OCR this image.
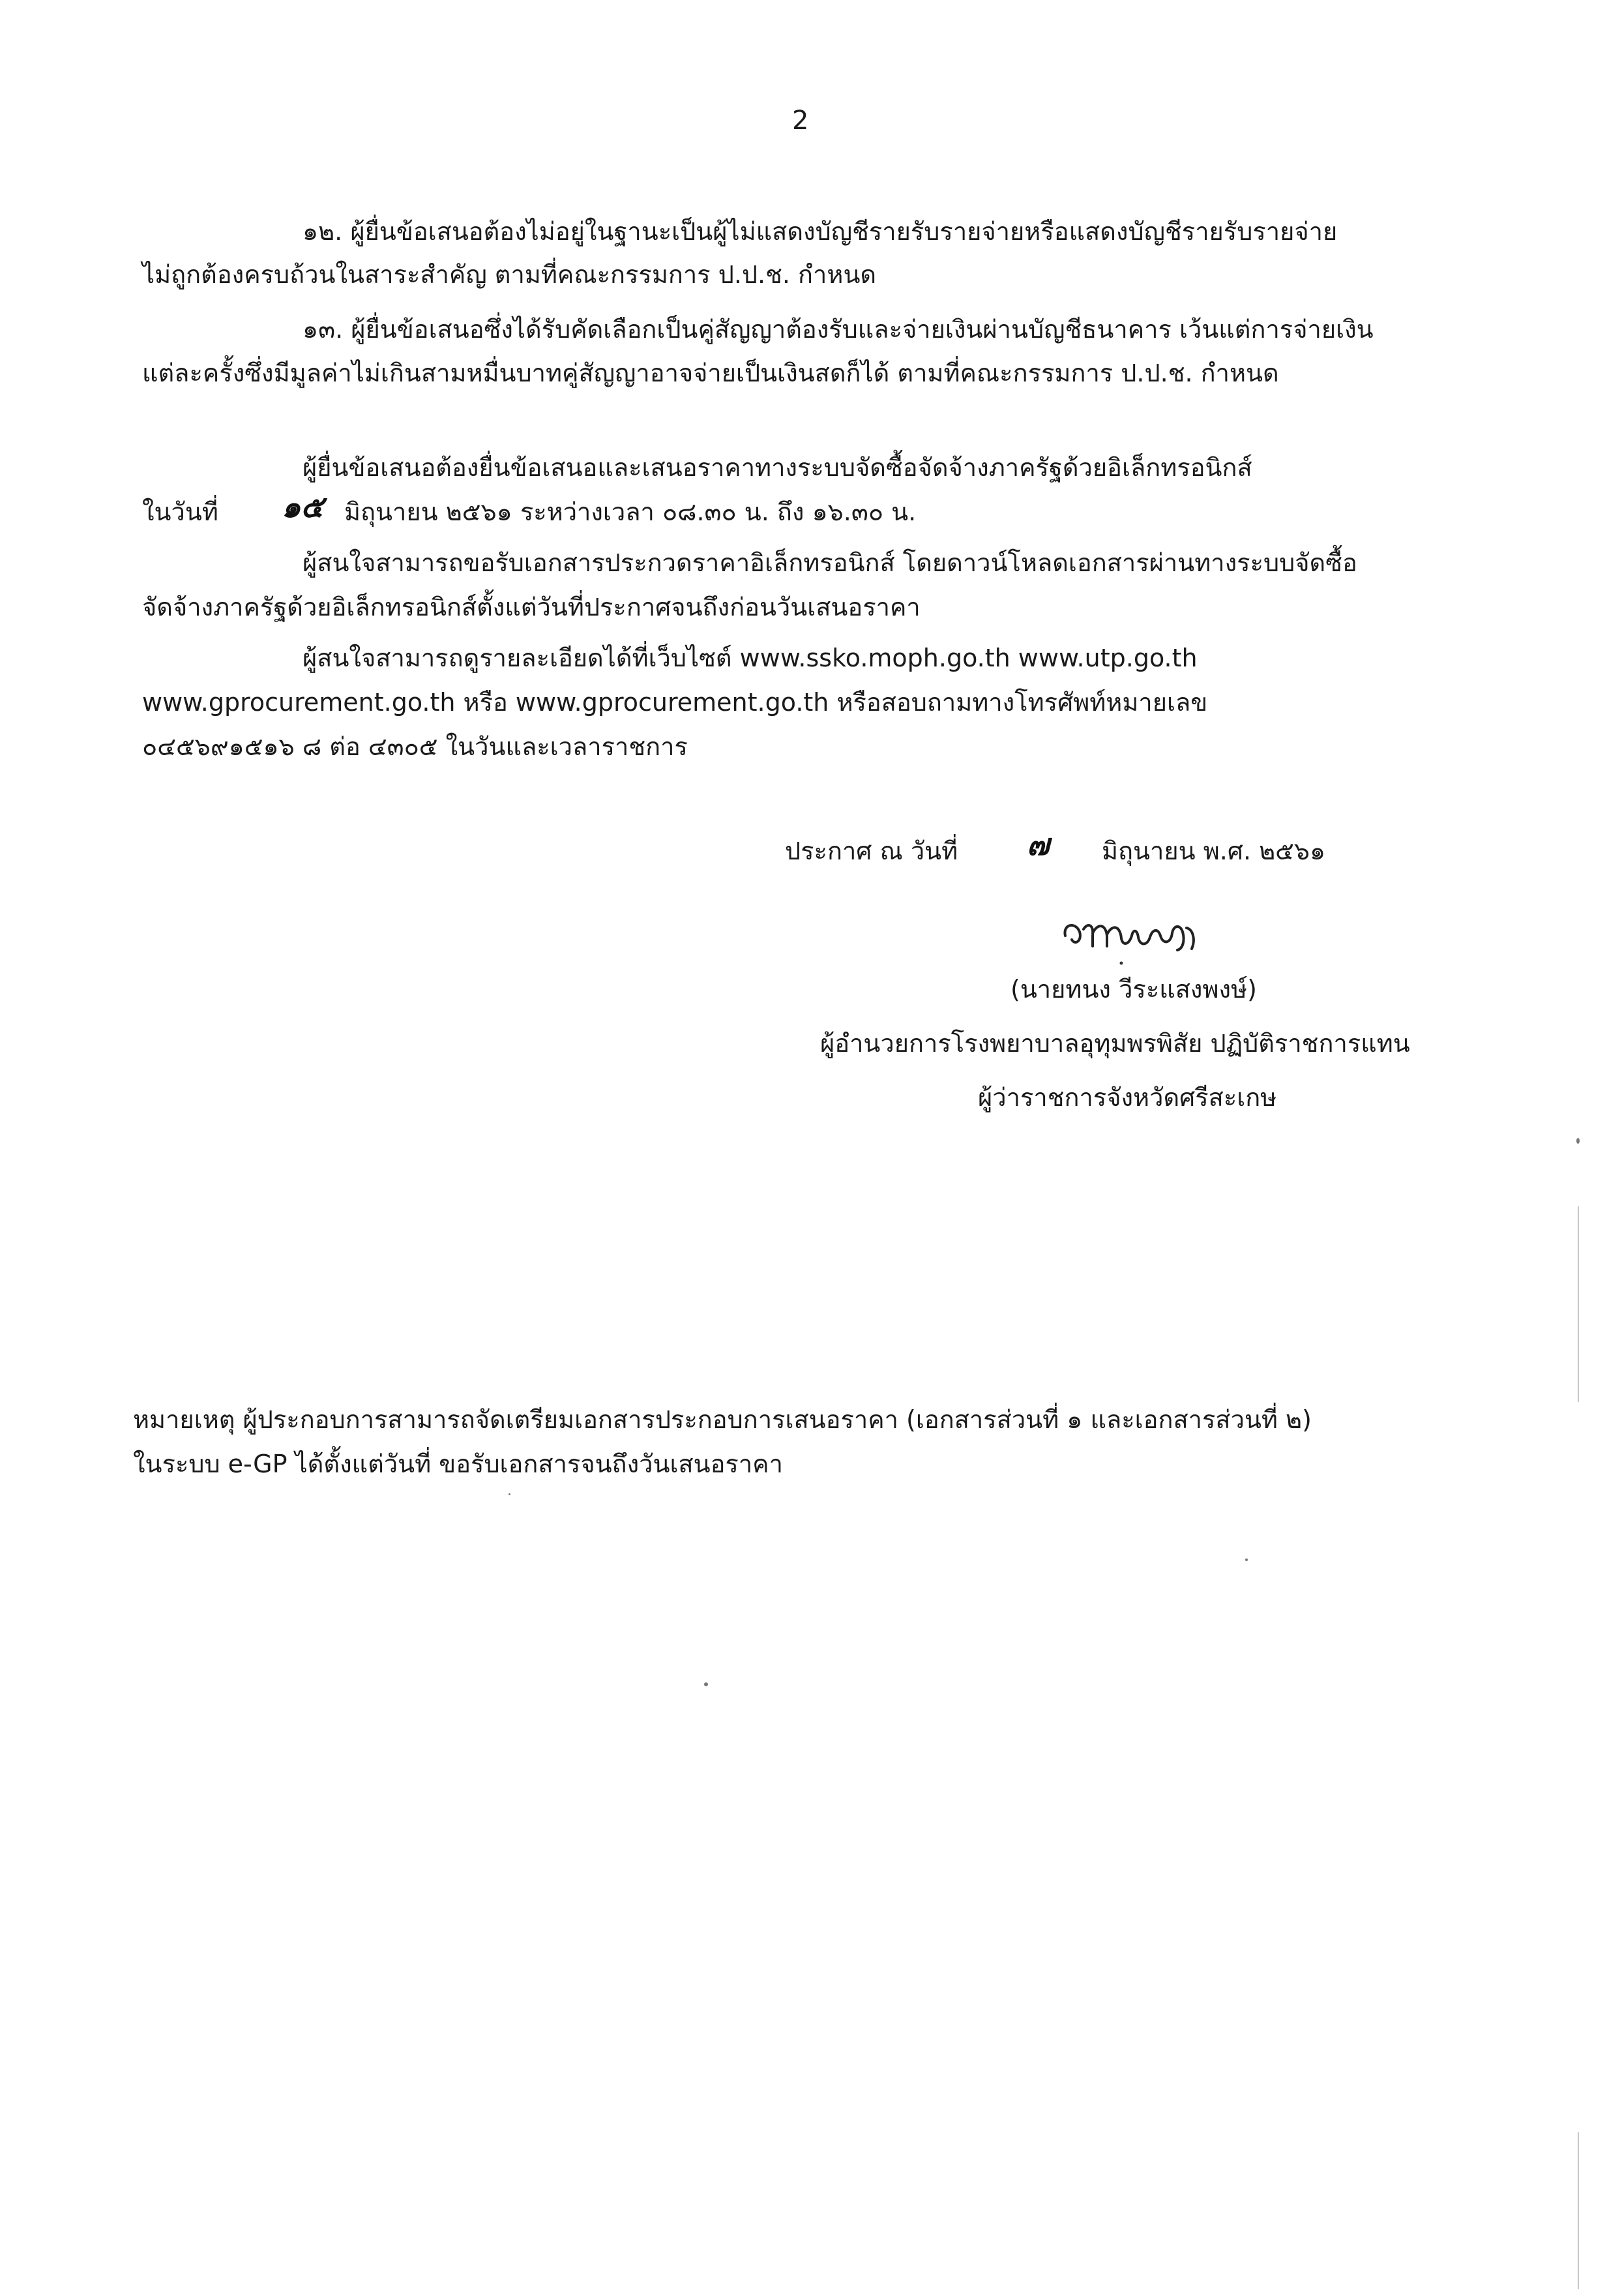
2
๑๒. ผู้ยื่นข้อเสนอต้องไม่อยู่ในฐานะเป็นผู้ไม่แสดงบัญชีรายรับรายจ่ายหรือแสดงบัญชีรายรับรายจ่าย
ไม่ถูกต้องครบถ้วนในสาระสำคัญ ตามที่คณะกรรมการ ป.ป.ช. กำหนด
๑๓. ผู้ยื่นข้อเสนอซึ่งได้รับคัดเลือกเป็นคู่สัญญาต้องรับและจ่ายเงินผ่านบัญชีธนาคาร เว้นแต่การจ่ายเงิน
แต่ละครั้งซึ่งมีมูลค่าไม่เกินสามหมื่นบาทคู่สัญญาอาจจ่ายเป็นเงินสดก็ได้ ตามที่คณะกรรมการ ป.ป.ช. กำหนด
ผู้ยื่นข้อเสนอต้องยื่นข้อเสนอและเสนอราคาทางระบบจัดซื้อจัดจ้างภาครัฐด้วยอิเล็กทรอนิกส์
ในวันที่ ๑๕ มิถุนายน ๒๕๖๑ ระหว่างเวลา ๐๘.๓๐ น. ถึง ๑๖.๓๐ น.
ผู้สนใจสามารถขอรับเอกสารประกวดราคาอิเล็กทรอนิกส์ โดยดาวน์โหลดเอกสารผ่านทางระบบจัดซื้อ
จัดจ้างภาครัฐด้วยอิเล็กทรอนิกส์ตั้งแต่วันที่ประกาศจนถึงก่อนวันเสนอราคา
ผู้สนใจสามารถดูรายละเอียดได้ที่เว็บไซต์ www.ssko.moph.go.th www.utp.go.th
www.gprocurement.go.th หรือ www.gprocurement.go.th หรือสอบถามทางโทรศัพท์หมายเลข
๐๔๕๖๙๑๕๑๖ ๘ ต่อ ๔๓๐๕ ในวันและเวลาราชการ
ประกาศ ณ วันที่ ๗ มิถุนายน พ.ศ. ๒๕๖๑
(นายทนง วีระแสงพงษ์)
ผู้อำนวยการโรงพยาบาลอุทุมพรพิสัย ปฏิบัติราชการแทน
ผู้ว่าราชการจังหวัดศรีสะเกษ
หมายเหตุ ผู้ประกอบการสามารถจัดเตรียมเอกสารประกอบการเสนอราคา (เอกสารส่วนที่ ๑ และเอกสารส่วนที่ ๒)
ในระบบ e-GP ได้ตั้งแต่วันที่ ขอรับเอกสารจนถึงวันเสนอราคา
